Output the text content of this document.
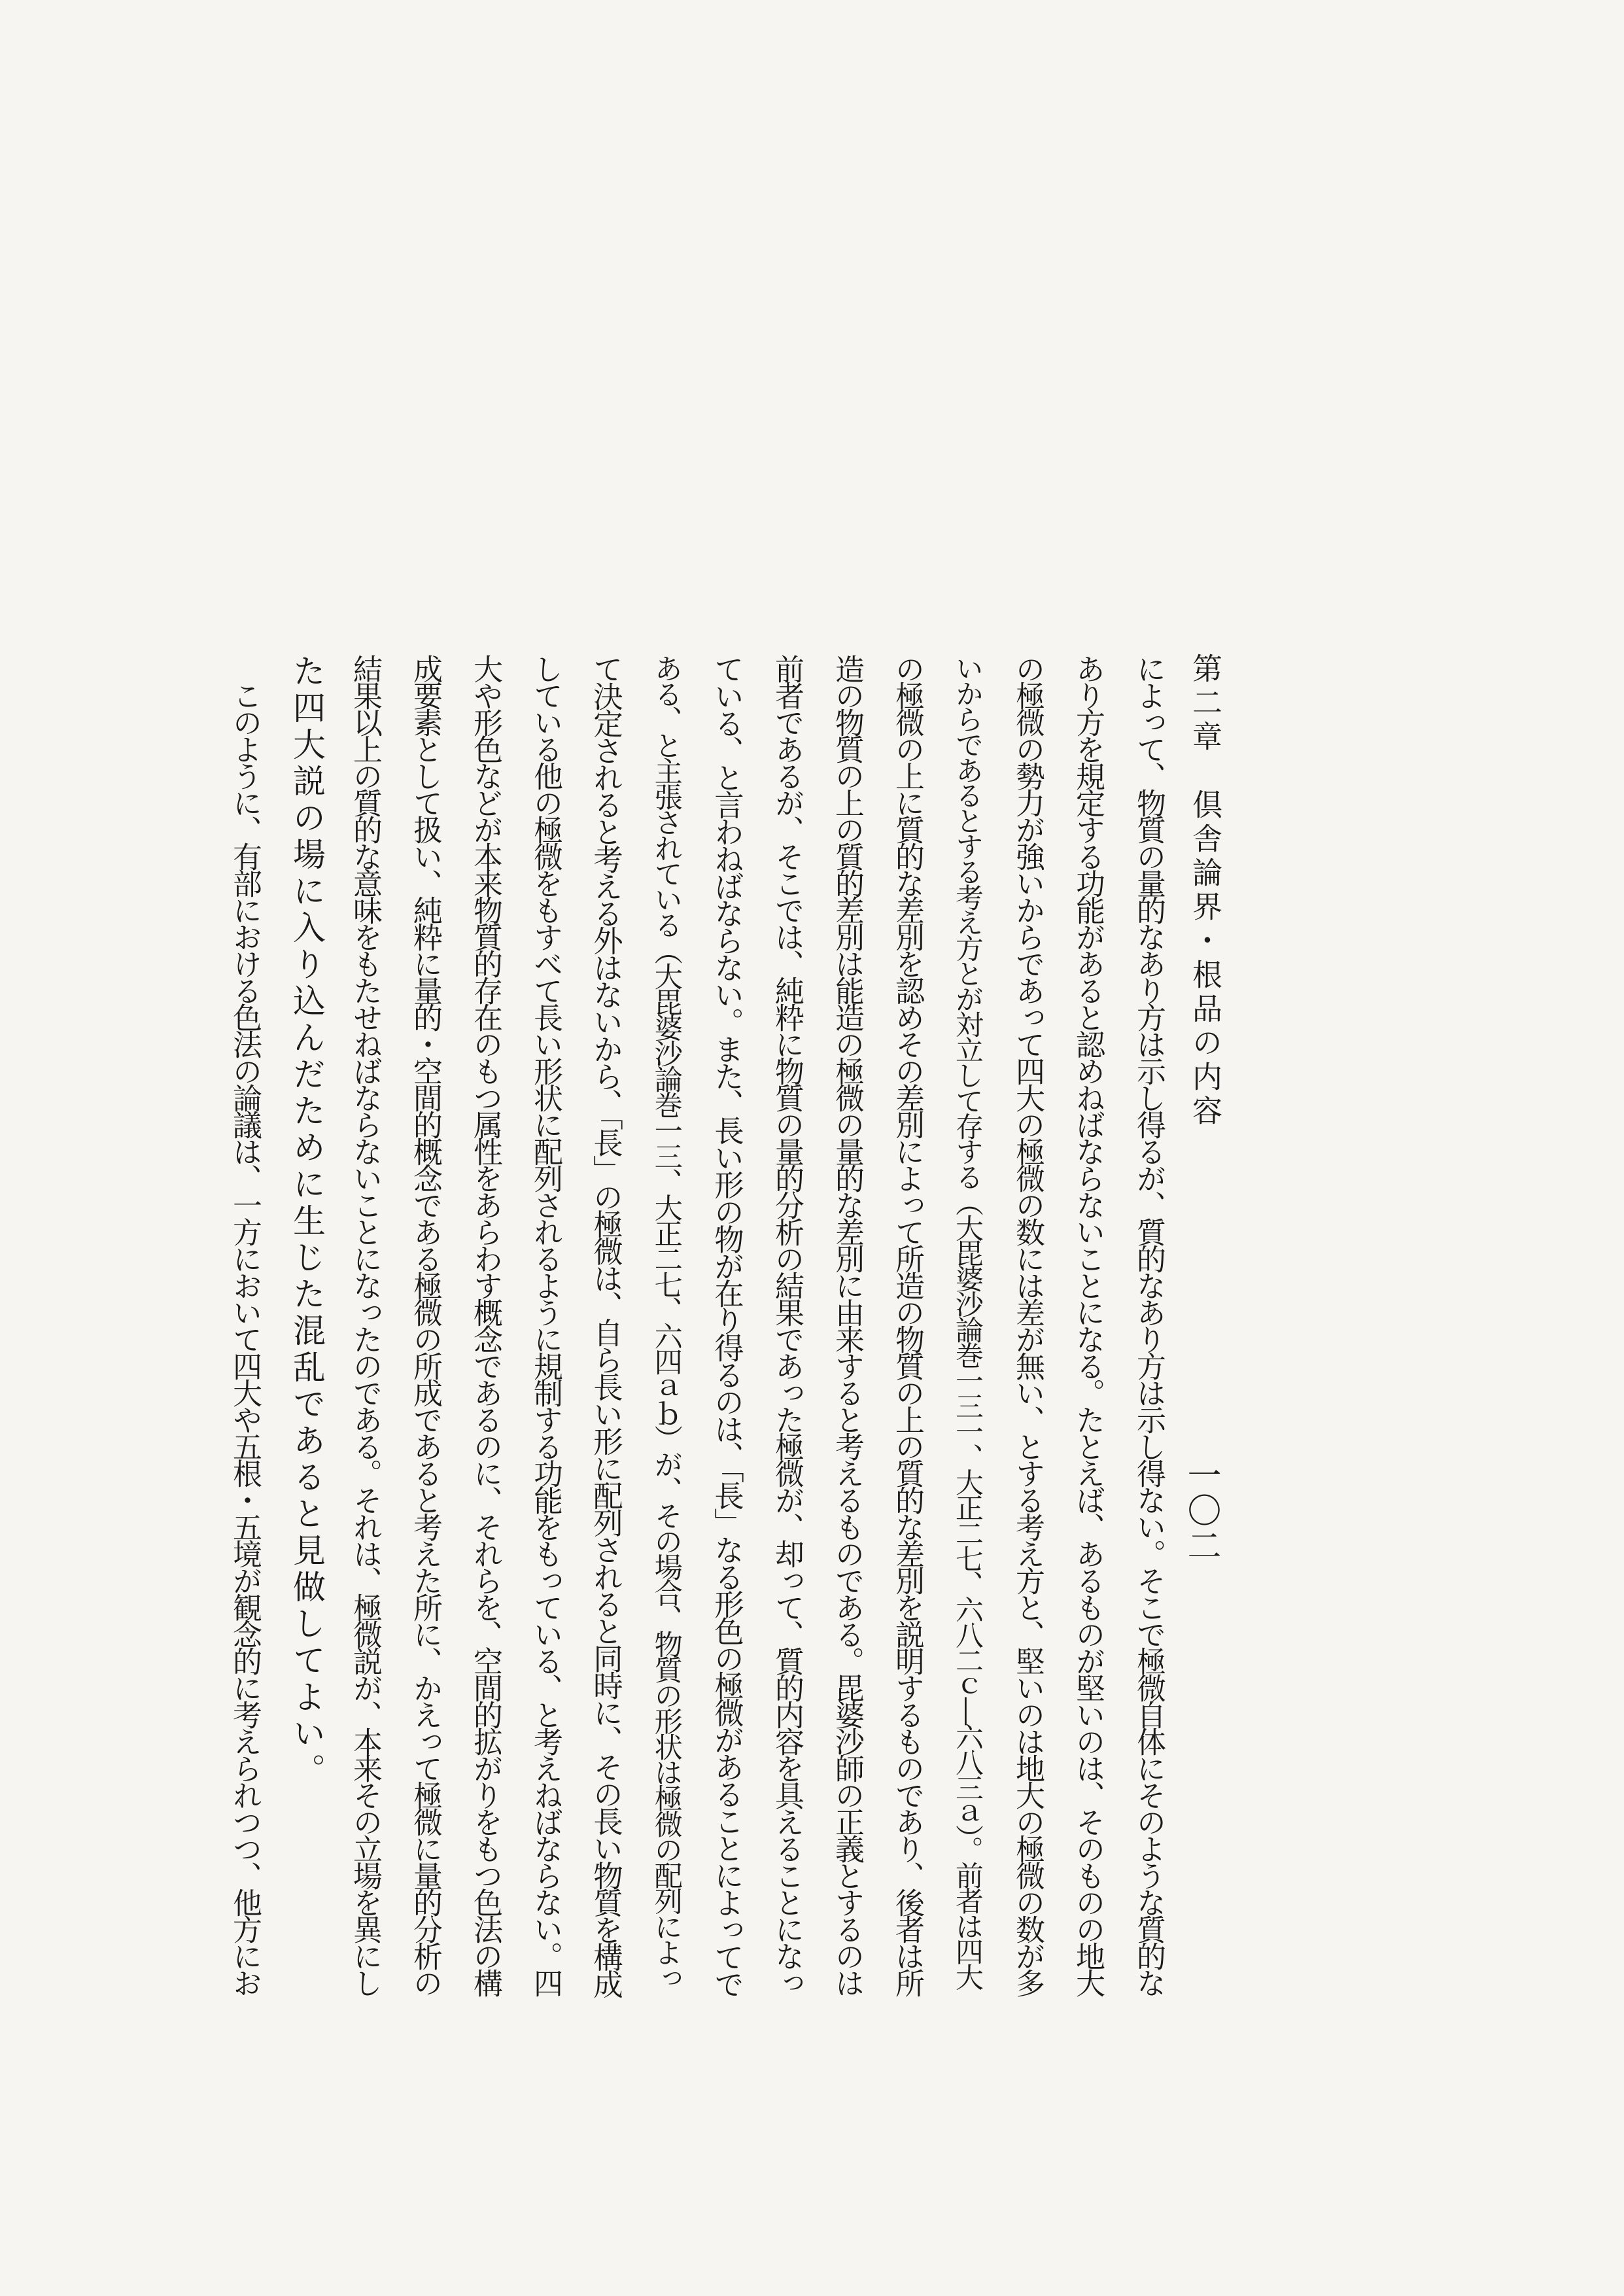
第二章　倶舎論界・根品の内容
一〇二
によって、物質の量的なあり方は示し得るが、質的なあり方は示し得ない。そこで極微自体にそのような質的な
あり方を規定する功能があると認めねばならないことになる。たとえば、あるものが堅いのは、そのものの地大
の極微の勢力が強いからであって四大の極微の数には差が無い、とする考え方と、堅いのは地大の極微の数が多
いからであるとする考え方とが対立して存する（大毘婆沙論巻一三一、大正二七、六八二ｃ―六八三ａ）。前者は四大
の極微の上に質的な差別を認めその差別によって所造の物質の上の質的な差別を説明するものであり、後者は所
造の物質の上の質的差別は能造の極微の量的な差別に由来すると考えるものである。毘婆沙師の正義とするのは
前者であるが、そこでは、純粋に物質の量的分析の結果であった極微が、却って、質的内容を具えることになっ
ている、と言わねばならない。また、長い形の物が在り得るのは、「長」なる形色の極微があることによってで
ある、と主張されている（大毘婆沙論巻一三、大正二七、六四ａｂ）が、その場合、物質の形状は極微の配列によっ
て決定されると考える外はないから、「長」の極微は、自ら長い形に配列されると同時に、その長い物質を構成
している他の極微をもすべて長い形状に配列されるように規制する功能をもっている、と考えねばならない。四
大や形色などが本来物質的存在のもつ属性をあらわす概念であるのに、それらを、空間的拡がりをもつ色法の構
成要素として扱い、純粋に量的・空間的概念である極微の所成であると考えた所に、かえって極微に量的分析の
結果以上の質的な意味をもたせねばならないことになったのである。それは、極微説が、本来その立場を異にし
た四大説の場に入り込んだために生じた混乱であると見做してよい。
　このように、有部における色法の論議は、一方において四大や五根・五境が観念的に考えられつつ、他方にお
